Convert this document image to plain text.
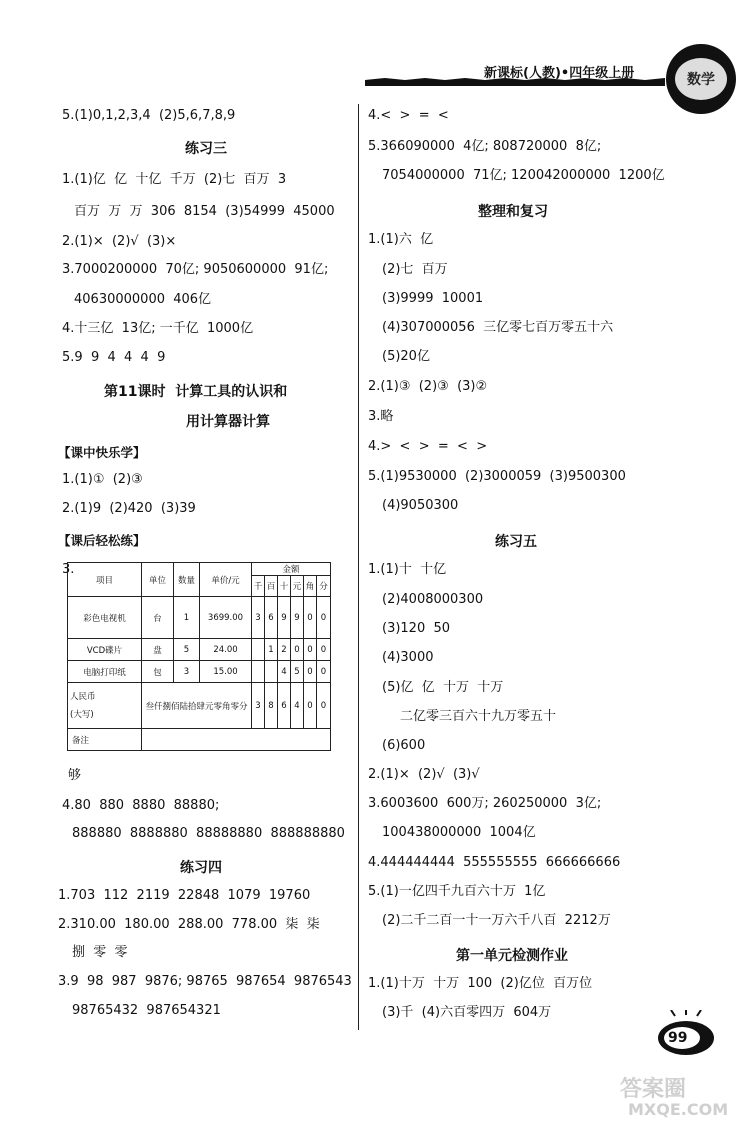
新课标(人教)•四年级上册	数学
5.(1)0,1,2,3,4  (2)5,6,7,8,9
练习三
1.(1)亿  亿  十亿  千万  (2)七  百万  3
百万  万  万  306  8154  (3)54999  45000
2.(1)×  (2)√  (3)×
3.7000200000  70亿; 9050600000  91亿;
40630000000  406亿
4.十三亿  13亿; 一千亿  1000亿
5.9  9  4  4  4  9
第11课时  计算工具的认识和
用计算器计算
【课中快乐学】
1.(1)①  (2)③
2.(1)9  (2)420  (3)39
【课后轻松练】
3.
项目	单位	数量	单价/元	金额					
				千	百	十	元	角	分
彩色电视机	台	1	3699.00	3	6	9	9	0	0
VCD碟片	盘	5	24.00		1	2	0	0	0
电脑打印纸	包	3	15.00			4	5	0	0
人民币
(大写)	叁仟捌佰陆拾肆元零角零分			3	8	6	4	0	0
备注									
够
4.80  880  8880  88880;
888880  8888880  88888880  888888880
练习四
1.703  112  2119  22848  1079  19760
2.310.00  180.00  288.00  778.00  柒  柒
捌  零  零
3.9  98  987  9876; 98765  987654  9876543
98765432  987654321
4.<  >  =  <
5.366090000  4亿; 808720000  8亿;
7054000000  71亿; 120042000000  1200亿
整理和复习
1.(1)六  亿
(2)七  百万
(3)9999  10001
(4)307000056  三亿零七百万零五十六
(5)20亿
2.(1)③  (2)③  (3)②
3.略
4.>  <  >  =  <  >
5.(1)9530000  (2)3000059  (3)9500300
(4)9050300
练习五
1.(1)十  十亿
(2)4008000300
(3)120  50
(4)3000
(5)亿  亿  十万  十万
二亿零三百六十九万零五十
(6)600
2.(1)×  (2)√  (3)√
3.6003600  600万; 260250000  3亿;
100438000000  1004亿
4.444444444  555555555  666666666
5.(1)一亿四千九百六十万  1亿
(2)二千二百一十一万六千八百  2212万
第一单元检测作业
1.(1)十万  十万  100  (2)亿位  百万位
(3)千  (4)六百零四万  604万
99
答案圈
MXQE.COM
